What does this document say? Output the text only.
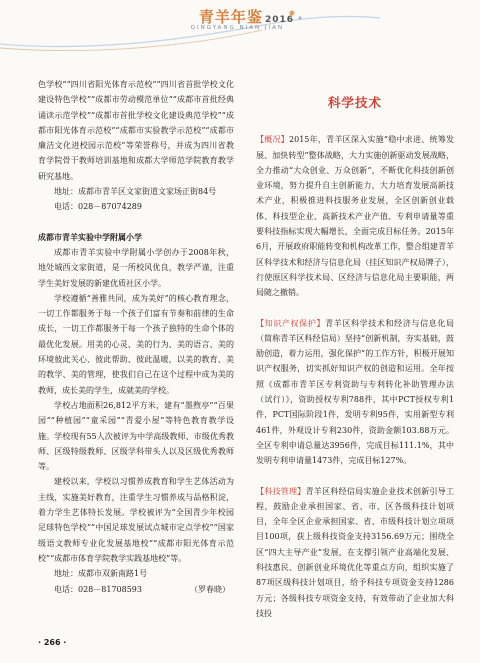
青羊年鉴 2016
QINGYANG NIAN JIAN

色学校”“四川省阳光体育示范校”“四川省首批学校文化建设特色学校”“成都市劳动模范单位”“成都市首批经典诵读示范学校”“成都市首批学校文化建设典范学校”“成都市阳光体育示范校”“成都市实验教学示范校”“成都市廉洁文化进校园示范校”等荣誉称号，并成为四川省教育学院骨干教师培训基地和成都大学师范学院教育教学研究基地。

地址：成都市青羊区文家街道文家场正街84号

电话：028－87074289

成都市青羊实验中学附属小学

成都市青羊实验中学附属小学创办于2008年秋，地处城西文家街道，是一所校风优良，教学严谨，注重学生美好发展的新建优质社区小学。

学校遵循“善雅共同，成为美好”的核心教育理念，一切工作都服务于每一个孩子们富有节奏和前律的生命成长，一切工作都服务于每一个孩子独特的生命个体的最优化发展。用美的心灵、美的行为、美的语言、美的环境彼此关心、彼此帮助、彼此温暖，以美的教育、美的教学、美的管理，使我们自己在这个过程中成为美的教师，成长美的学生，成就美的学校。

学校占地面积26,812平方米，建有“墨煦亭”“百果园”“种植园”“童采园”“青爱小屋”等特色教育教学设施。学校现有55人次被评为中学高级教师、市级优秀教师、区级特级教师、区级学科带头人以及区级优秀教师等。

建校以来，学校以习惯养成教育和学生艺体活动为主线，实施美好教育，注重学生习惯养成与品格积淀，着力学生艺体特长发展。学校被评为“全国青少年校园足球特色学校”“中国足球发展试点城市定点学校”“国家级语文教师专业化发展基地校”“成都市阳光体育示范校”“成都市体育学院教学实践基地校”等。

地址：成都市双新南路1号

电话：028－81708593	（罗春晓）

科学技术

【概况】2015年，青羊区深入实施“稳中求进、统筹发展、加快转型”整体战略，大力实施创新驱动发展战略，全力推动“大众创业、万众创新”，不断优化科技创新创业环境，努力提升自主创新能力，大力培育发展高新技术产业，积极推进科技服务业发展，全区创新创业载体、科技型企业、高新技术产业产值、专利申请量等重要科技指标实现大幅增长，全面完成目标任务。2015年6月，开展政府职能转变和机构改革工作，整合组建青羊区科学技术和经济与信息化局（挂区知识产权局牌子），行使原区科学技术局、区经济与信息化局主要职能，两局随之撤销。

【知识产权保护】青羊区科学技术和经济与信息化局（简称青羊区科经信局）坚持“创新机制，夯实基础，鼓励创造，着力运用，强化保护”的工作方针，积极开展知识产权服务，切实抓好知识产权的创造和运用。全年按照《成都市青羊区专利资助与专利转化补助管理办法（试行）》，资助授权专利788件，其中PCT授权专利1件，PCT国际阶段1件，发明专利95件，实用新型专利461件，外观设计专利230件，资助金额103.88万元。全区专利申请总量达3956件，完成目标111.1%，其中发明专利申请量1473件，完成目标127%。

【科技管理】青羊区科经信局实施企业技术创新引导工程，鼓励企业承担国家、省、市、区各级科技计划项目，全年全区企业承担国家、省、市级科技计划立项项目100项，获上级科技资金支持3156.69万元；围绕全区“四大主导产业”发展，在支撑引领产业高端化发展、科技惠民、创新创业环境优化等重点方向，组织实施了87项区级科技计划项目，给予科技专项资金支持1286万元；各级科技专项资金支持，有效带动了企业加大科技投

· 266 ·
